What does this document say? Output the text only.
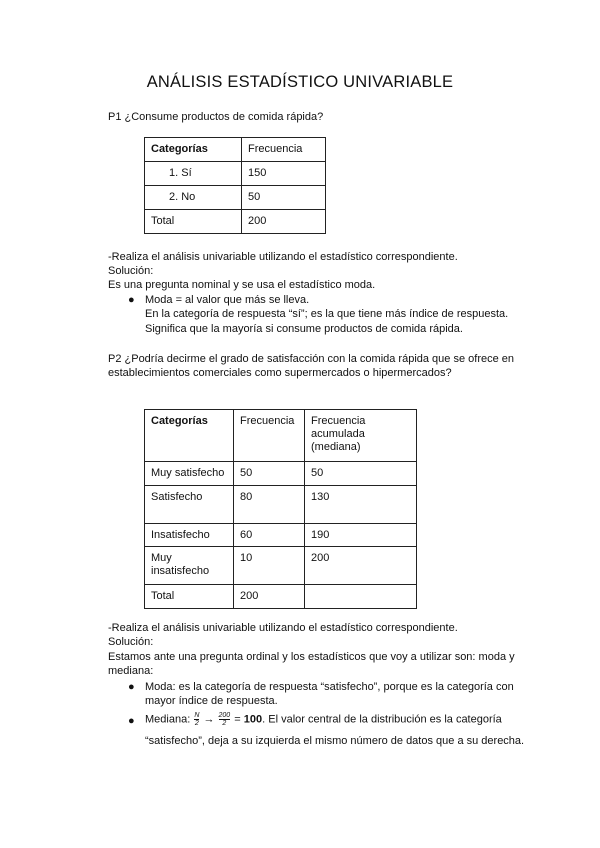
ANÁLISIS ESTADÍSTICO UNIVARIABLE
P1 ¿Consume productos de comida rápida?
Categorías	Frecuencia
1. Sí	150
2. No	50
Total	200
-Realiza el análisis univariable utilizando el estadístico correspondiente.
Solución:
Es una pregunta nominal y se usa el estadístico moda.
● Moda = al valor que más se lleva.
En la categoría de respuesta “sí”; es la que tiene más índice de respuesta.
Significa que la mayoría si consume productos de comida rápida.
P2 ¿Podría decirme el grado de satisfacción con la comida rápida que se ofrece en
establecimientos comerciales como supermercados o hipermercados?
Categorías	Frecuencia	Frecuencia acumulada (mediana)
Muy satisfecho	50	50
Satisfecho	80	130
Insatisfecho	60	190
Muy insatisfecho	10	200
Total	200	
-Realiza el análisis univariable utilizando el estadístico correspondiente.
Solución:
Estamos ante una pregunta ordinal y los estadísticos que voy a utilizar son: moda y
mediana:
● Moda: es la categoría de respuesta “satisfecho”, porque es la categoría con
mayor índice de respuesta.
● Mediana: $\frac{N}{2} \to \frac{200}{2} = 100$. El valor central de la distribución es la categoría
“satisfecho”, deja a su izquierda el mismo número de datos que a su derecha.
